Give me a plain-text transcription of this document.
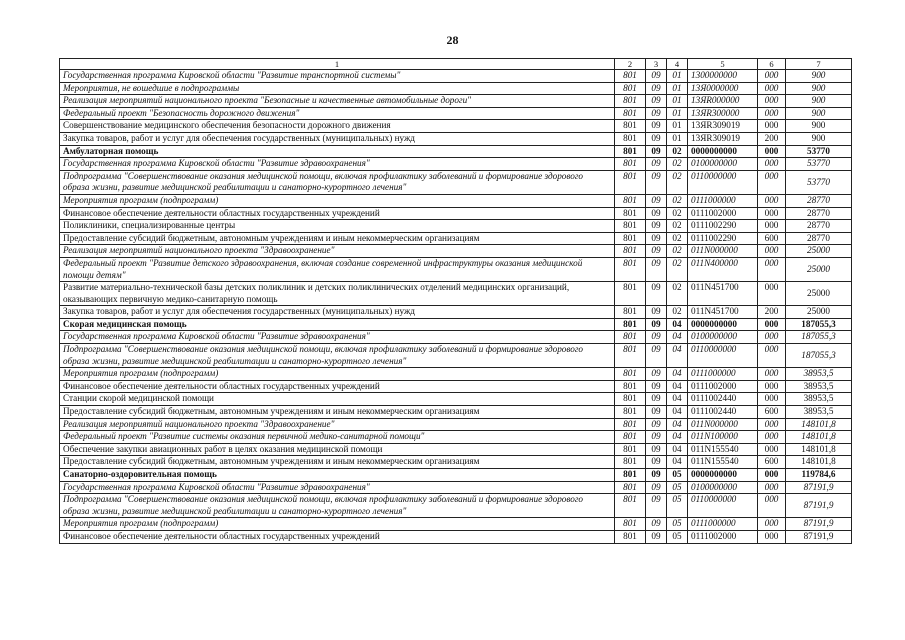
28
1	2	3	4	5	6	7
Государственная программа Кировской области "Развитие транспортной системы"	801	09	01	1300000000	000	900
Мероприятия, не вошедшие в подпрограммы	801	09	01	13Я0000000	000	900
Реализация мероприятий национального проекта "Безопасные и качественные автомобильные дороги"	801	09	01	13ЯR000000	000	900
Федеральный проект "Безопасность дорожного движения"	801	09	01	13ЯR300000	000	900
Совершенствование медицинского обеспечения безопасности дорожного движения	801	09	01	13ЯR309019	000	900
Закупка товаров, работ и услуг для обеспечения государственных (муниципальных) нужд	801	09	01	13ЯR309019	200	900
Амбулаторная помощь	801	09	02	0000000000	000	53770
Государственная программа Кировской области "Развитие здравоохранения"	801	09	02	0100000000	000	53770
Подпрограмма "Совершенствование оказания медицинской помощи, включая профилактику заболеваний и формирование здорового образа жизни, развитие медицинской реабилитации и санаторно-курортного лечения"	801	09	02	0110000000	000	53770
Мероприятия программ (подпрограмм)	801	09	02	0111000000	000	28770
Финансовое обеспечение деятельности областных государственных учреждений	801	09	02	0111002000	000	28770
Поликлиники, специализированные центры	801	09	02	0111002290	000	28770
Предоставление субсидий бюджетным, автономным учреждениям и иным некоммерческим организациям	801	09	02	0111002290	600	28770
Реализация мероприятий национального проекта "Здравоохранение"	801	09	02	011N000000	000	25000
Федеральный проект "Развитие детского здравоохранения, включая создание современной инфраструктуры оказания медицинской помощи детям"	801	09	02	011N400000	000	25000
Развитие материально-технической базы детских поликлиник и детских поликлинических отделений медицинских организаций, оказывающих первичную медико-санитарную помощь	801	09	02	011N451700	000	25000
Закупка товаров, работ и услуг для обеспечения государственных (муниципальных) нужд	801	09	02	011N451700	200	25000
Скорая медицинская помощь	801	09	04	0000000000	000	187055,3
Государственная программа Кировской области "Развитие здравоохранения"	801	09	04	0100000000	000	187055,3
Подпрограмма "Совершенствование оказания медицинской помощи, включая профилактику заболеваний и формирование здорового образа жизни, развитие медицинской реабилитации и санаторно-курортного лечения"	801	09	04	0110000000	000	187055,3
Мероприятия программ (подпрограмм)	801	09	04	0111000000	000	38953,5
Финансовое обеспечение деятельности областных государственных учреждений	801	09	04	0111002000	000	38953,5
Станции скорой медицинской помощи	801	09	04	0111002440	000	38953,5
Предоставление субсидий бюджетным, автономным учреждениям и иным некоммерческим организациям	801	09	04	0111002440	600	38953,5
Реализация мероприятий национального проекта "Здравоохранение"	801	09	04	011N000000	000	148101,8
Федеральный проект "Развитие системы оказания первичной медико-санитарной помощи"	801	09	04	011N100000	000	148101,8
Обеспечение закупки авиационных работ в целях оказания медицинской помощи	801	09	04	011N155540	000	148101,8
Предоставление субсидий бюджетным, автономным учреждениям и иным некоммерческим организациям	801	09	04	011N155540	600	148101,8
Санаторно-оздоровительная помощь	801	09	05	0000000000	000	119784,6
Государственная программа Кировской области "Развитие здравоохранения"	801	09	05	0100000000	000	87191,9
Подпрограмма "Совершенствование оказания медицинской помощи, включая профилактику заболеваний и формирование здорового образа жизни, развитие медицинской реабилитации и санаторно-курортного лечения"	801	09	05	0110000000	000	87191,9
Мероприятия программ (подпрограмм)	801	09	05	0111000000	000	87191,9
Финансовое обеспечение деятельности областных государственных учреждений	801	09	05	0111002000	000	87191,9
